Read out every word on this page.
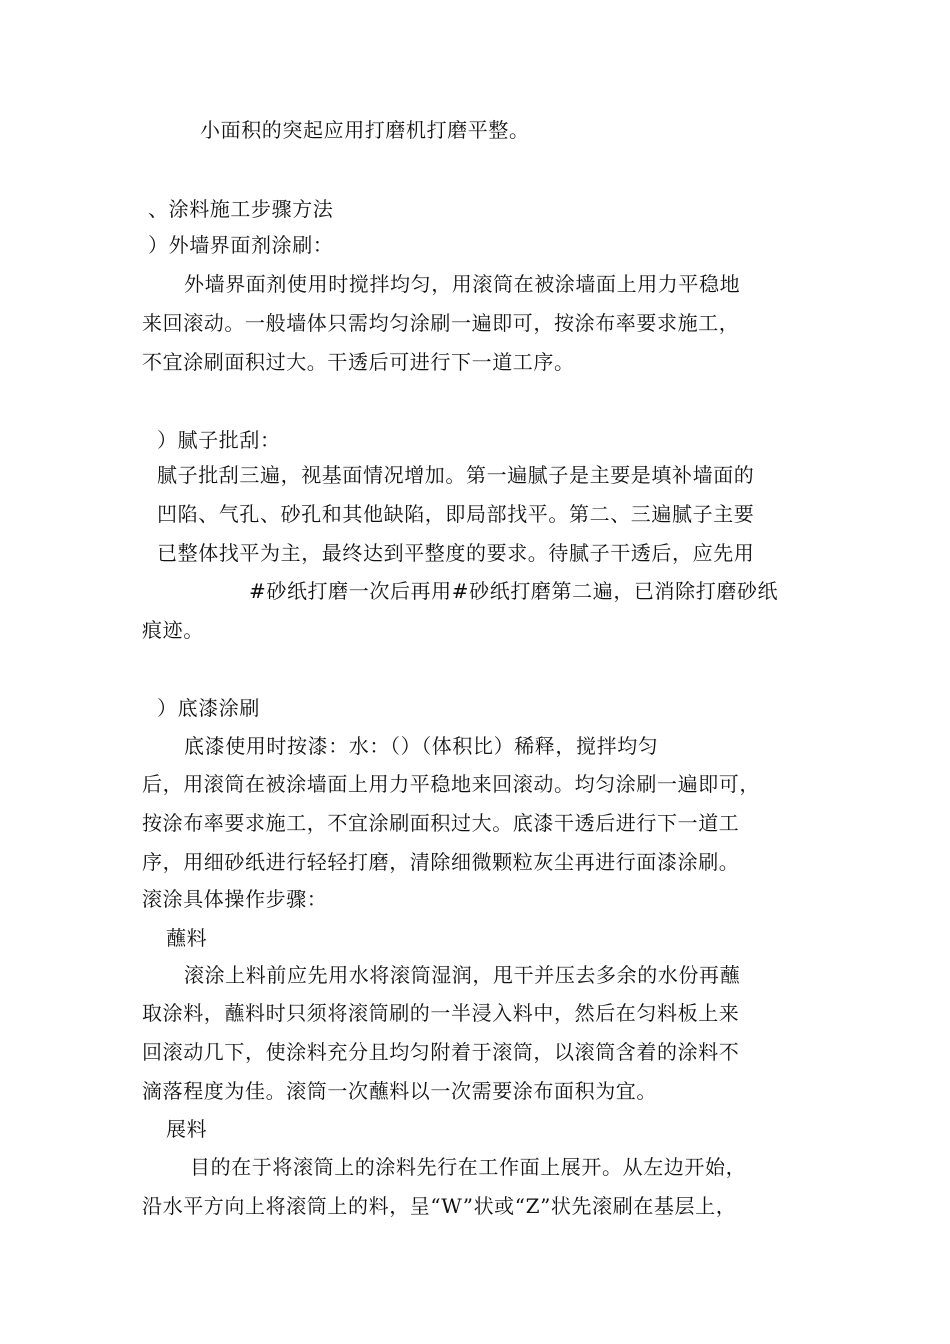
小面积的突起应用打磨机打磨平整。
、涂料施工步骤方法
）外墙界面剂涂刷：
外墙界面剂使用时搅拌均匀，用滚筒在被涂墙面上用力平稳地
来回滚动。一般墙体只需均匀涂刷一遍即可，按涂布率要求施工，
不宜涂刷面积过大。干透后可进行下一道工序。
）腻子批刮：
腻子批刮三遍，视基面情况增加。第一遍腻子是主要是填补墙面的
凹陷、气孔、砂孔和其他缺陷，即局部找平。第二、三遍腻子主要
已整体找平为主，最终达到平整度的要求。待腻子干透后，应先用
#砂纸打磨一次后再用#砂纸打磨第二遍，已消除打磨砂纸
痕迹。
）底漆涂刷
底漆使用时按漆：水：（）（体积比）稀释，搅拌均匀
后，用滚筒在被涂墙面上用力平稳地来回滚动。均匀涂刷一遍即可，
按涂布率要求施工，不宜涂刷面积过大。底漆干透后进行下一道工
序，用细砂纸进行轻轻打磨，清除细微颗粒灰尘再进行面漆涂刷。
滚涂具体操作步骤：
蘸料
滚涂上料前应先用水将滚筒湿润，甩干并压去多余的水份再蘸
取涂料，蘸料时只须将滚筒刷的一半浸入料中，然后在匀料板上来
回滚动几下，使涂料充分且均匀附着于滚筒，以滚筒含着的涂料不
滴落程度为佳。滚筒一次蘸料以一次需要涂布面积为宜。
展料
目的在于将滚筒上的涂料先行在工作面上展开。从左边开始，
沿水平方向上将滚筒上的料，呈“W”状或“Z”状先滚刷在基层上，
